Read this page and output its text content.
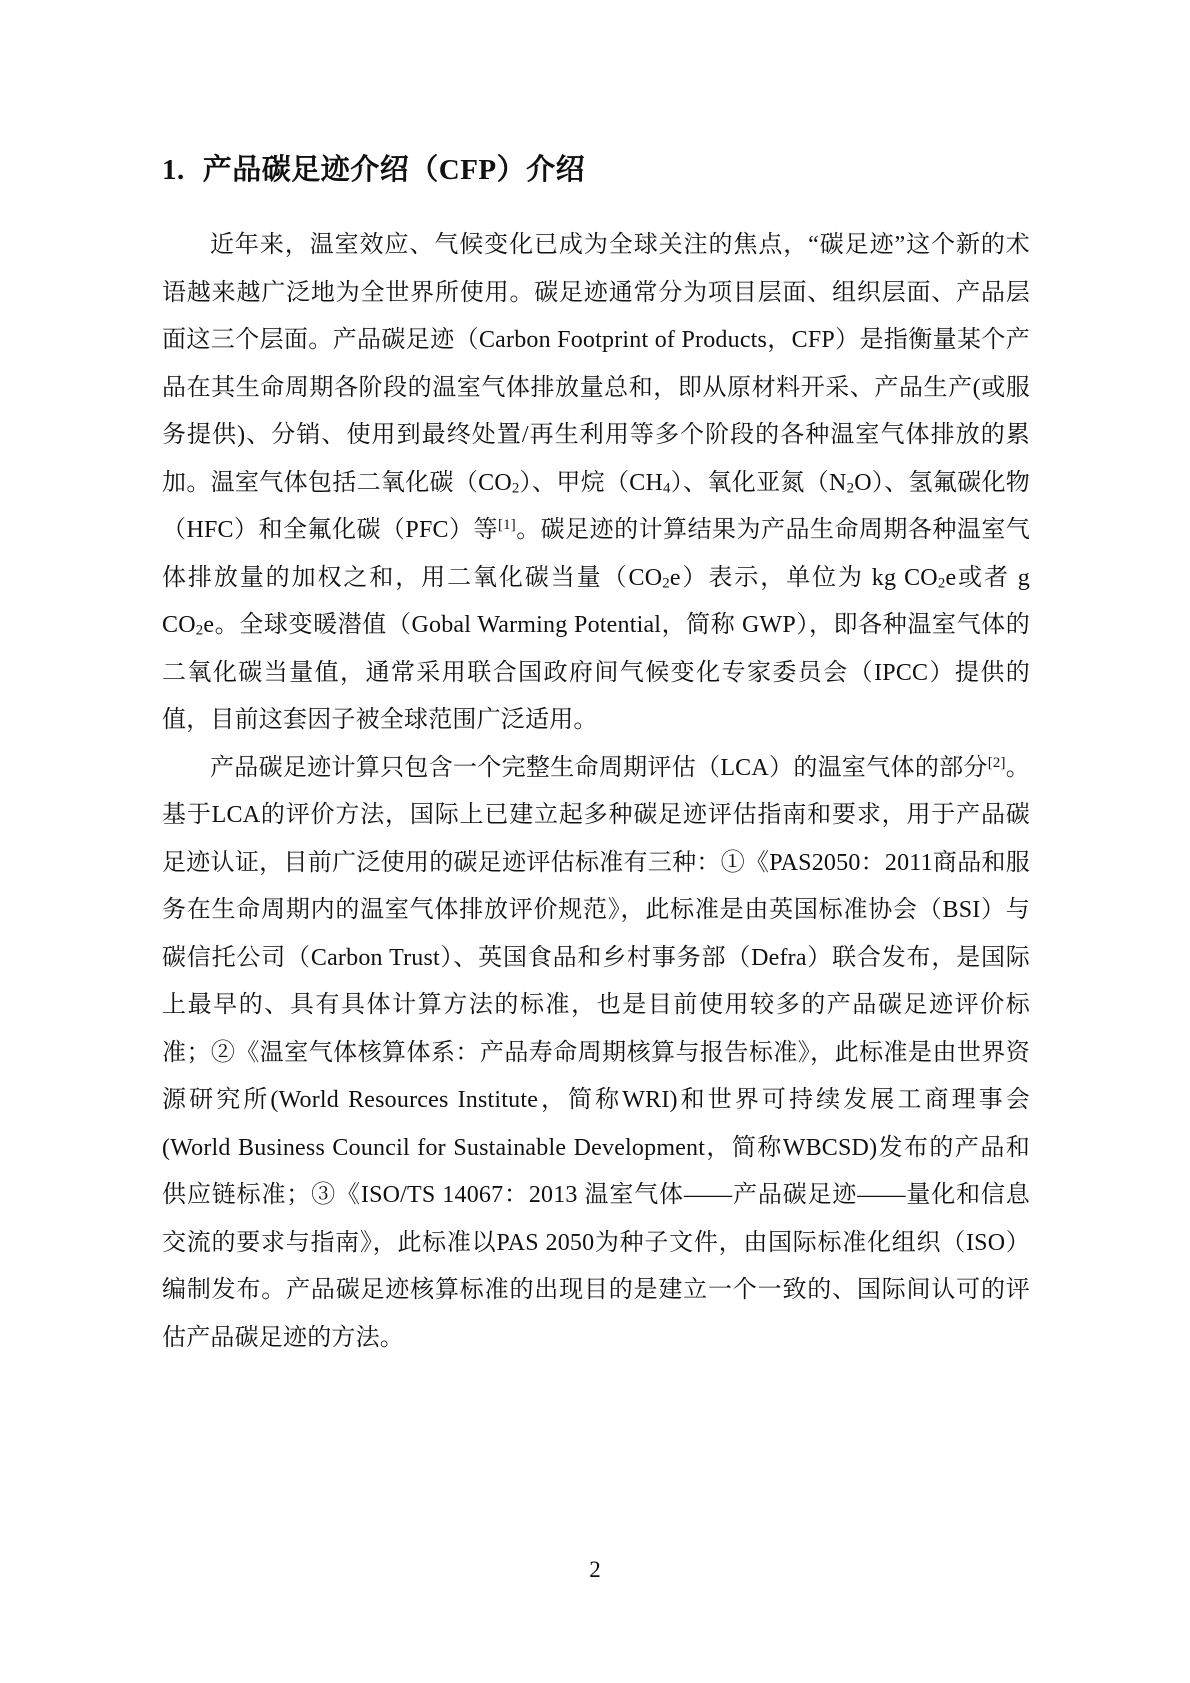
1. 产品碳足迹介绍（CFP）介绍

近年来，温室效应、气候变化已成为全球关注的焦点，“碳足迹”这个新的术语越来越广泛地为全世界所使用。碳足迹通常分为项目层面、组织层面、产品层面这三个层面。产品碳足迹（Carbon Footprint of Products，CFP）是指衡量某个产品在其生命周期各阶段的温室气体排放量总和，即从原材料开采、产品生产(或服务提供)、分销、使用到最终处置/再生利用等多个阶段的各种温室气体排放的累加。温室气体包括二氧化碳（CO2）、甲烷（CH4）、氧化亚氮（N2O）、氢氟碳化物（HFC）和全氟化碳（PFC）等[1]。碳足迹的计算结果为产品生命周期各种温室气体排放量的加权之和，用二氧化碳当量（CO2e）表示，单位为 kg CO2e或者 g CO2e。全球变暖潜值（Gobal Warming Potential，简称 GWP），即各种温室气体的二氧化碳当量值，通常采用联合国政府间气候变化专家委员会（IPCC）提供的值，目前这套因子被全球范围广泛适用。

产品碳足迹计算只包含一个完整生命周期评估（LCA）的温室气体的部分[2]。基于LCA的评价方法，国际上已建立起多种碳足迹评估指南和要求，用于产品碳足迹认证，目前广泛使用的碳足迹评估标准有三种：①《PAS2050：2011商品和服务在生命周期内的温室气体排放评价规范》，此标准是由英国标准协会（BSI）与碳信托公司（Carbon Trust）、英国食品和乡村事务部（Defra）联合发布，是国际上最早的、具有具体计算方法的标准，也是目前使用较多的产品碳足迹评价标准；②《温室气体核算体系：产品寿命周期核算与报告标准》，此标准是由世界资源研究所(World Resources Institute，简称WRI)和世界可持续发展工商理事会(World Business Council for Sustainable Development，简称WBCSD)发布的产品和供应链标准；③《ISO/TS 14067：2013 温室气体——产品碳足迹——量化和信息交流的要求与指南》，此标准以PAS 2050为种子文件，由国际标准化组织（ISO）编制发布。产品碳足迹核算标准的出现目的是建立一个一致的、国际间认可的评估产品碳足迹的方法。

2
